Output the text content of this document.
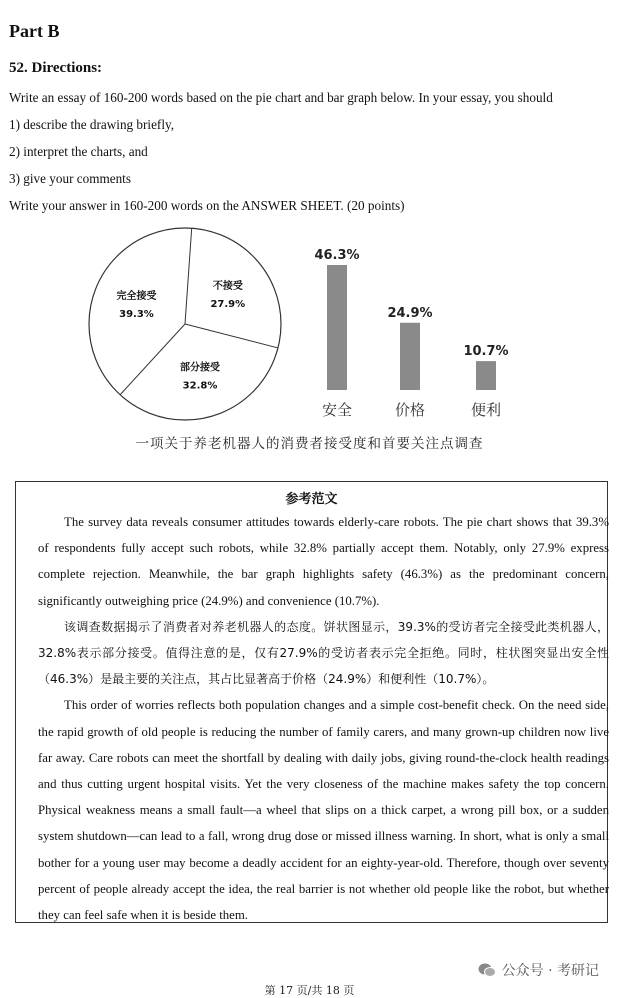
Part B
52. Directions:
Write an essay of 160-200 words based on the pie chart and bar graph below. In your essay, you should
1) describe the drawing briefly,
2) interpret the charts, and
3) give your comments
Write your answer in 160-200 words on the ANSWER SHEET. (20 points)
不接受
27.9%
部分接受
32.8%
完全接受
39.3%
46.3%
安全
24.9%
价格
10.7%
便利
一项关于养老机器人的消费者接受度和首要关注点调查
参考范文

The survey data reveals consumer attitudes towards elderly-care robots. The pie chart shows that 39.3% of respondents fully accept such robots, while 32.8% partially accept them. Notably, only 27.9% express complete rejection. Meanwhile, the bar graph highlights safety (46.3%) as the predominant concern, significantly outweighing price (24.9%) and convenience (10.7%).

该调查数据揭示了消费者对养老机器人的态度。饼状图显示，39.3%的受访者完全接受此类机器人，32.8%表示部分接受。值得注意的是，仅有27.9%的受访者表示完全拒绝。同时，柱状图突显出安全性（46.3%）是最主要的关注点，其占比显著高于价格（24.9%）和便利性（10.7%）。

This order of worries reflects both population changes and a simple cost-benefit check. On the need side, the rapid growth of old people is reducing the number of family carers, and many grown-up children now live far away. Care robots can meet the shortfall by dealing with daily jobs, giving round-the-clock health readings and thus cutting urgent hospital visits. Yet the very closeness of the machine makes safety the top concern. Physical weakness means a small fault—a wheel that slips on a thick carpet, a wrong pill box, or a sudden system shutdown—can lead to a fall, wrong drug dose or missed illness warning. In short, what is only a small bother for a young user may become a deadly accident for an eighty-year-old. Therefore, though over seventy percent of people already accept the idea, the real barrier is not whether old people like the robot, but whether they can feel safe when it is beside them.

公众号 · 考研记
第 17 页/共 18 页
